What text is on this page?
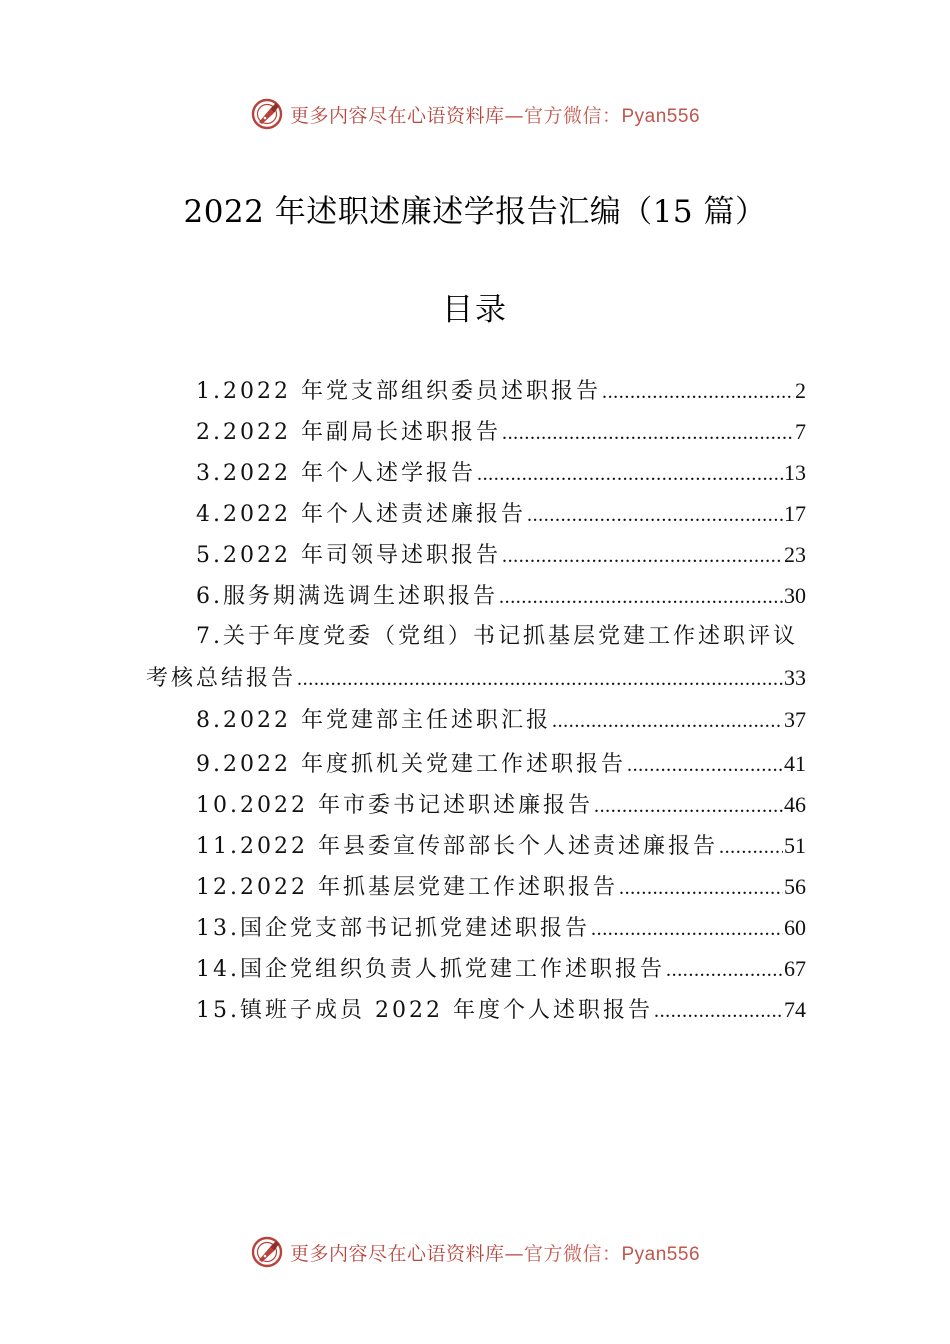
更多内容尽在心语资料库—官方微信：Pyan556
2022 年述职述廉述学报告汇编（15 篇）
目录
1.2022 年党支部组织委员述职报告 .....	2
2.2022 年副局长述职报告 .....	7
3.2022 年个人述学报告 .....	13
4.2022 年个人述责述廉报告 .....	17
5.2022 年司领导述职报告 .....	23
6.服务期满选调生述职报告 .....	30
7.关于年度党委（党组）书记抓基层党建工作述职评议
考核总结报告 .....	33
8.2022 年党建部主任述职汇报 .....	37
9.2022 年度抓机关党建工作述职报告 .....	41
10.2022 年市委书记述职述廉报告 .....	46
11.2022 年县委宣传部部长个人述责述廉报告 .....	51
12.2022 年抓基层党建工作述职报告 .....	56
13.国企党支部书记抓党建述职报告 .....	60
14.国企党组织负责人抓党建工作述职报告 .....	67
15.镇班子成员 2022 年度个人述职报告 .....	74
更多内容尽在心语资料库—官方微信：Pyan556
